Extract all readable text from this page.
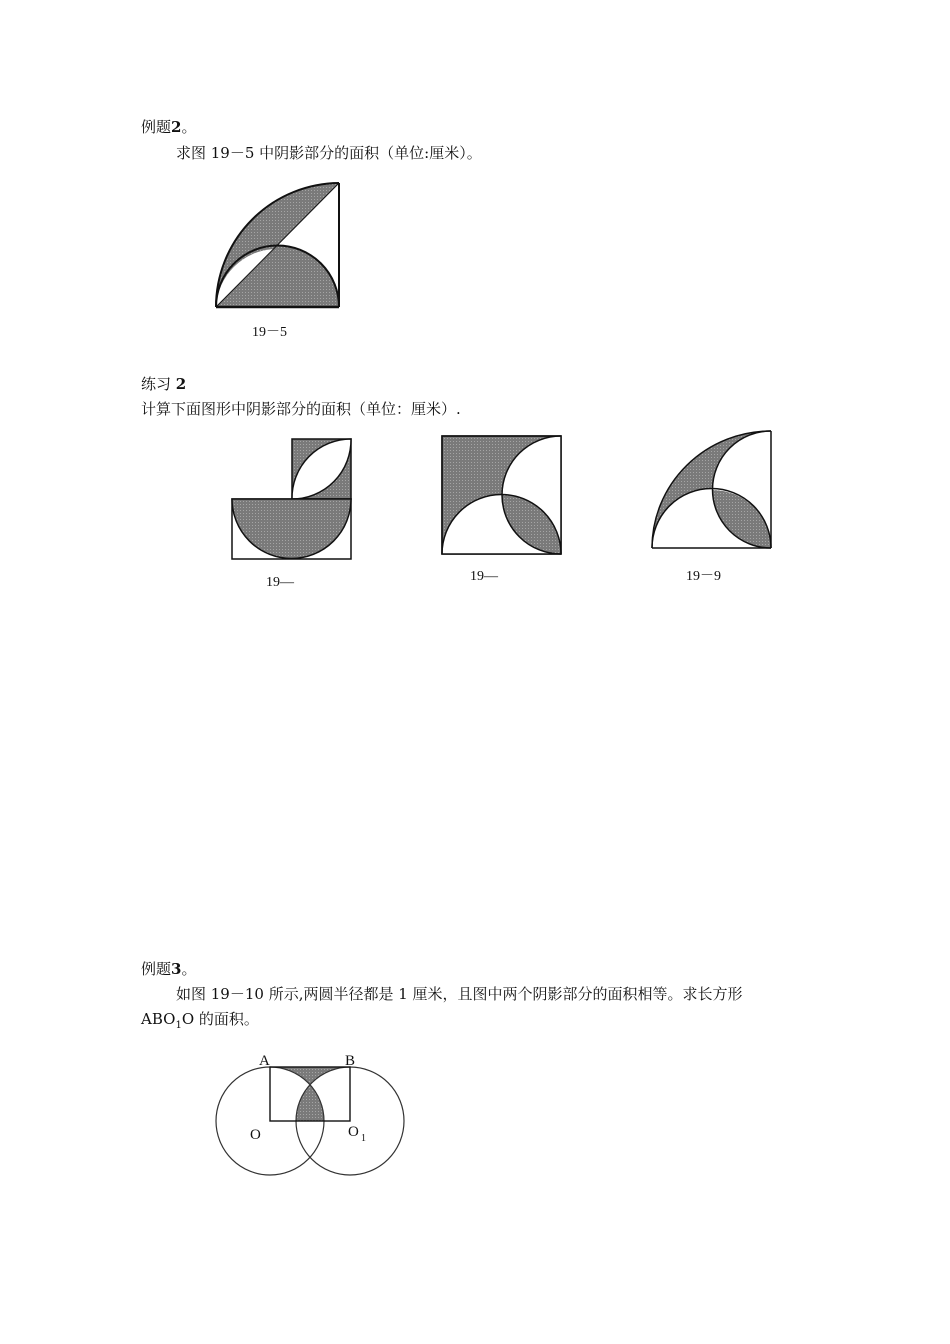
例题2。
求图 19－5 中阴影部分的面积（单位:厘米）。
19－5
练习 2
计算下面图形中阴影部分的面积（单位：厘米）.
19—	19—	19－9
例题3。
如图 19－10 所示,两圆半径都是 1 厘米，且图中两个阴影部分的面积相等。求长方形
$ABO_1O$ 的面积。
A	B
O	O 1
